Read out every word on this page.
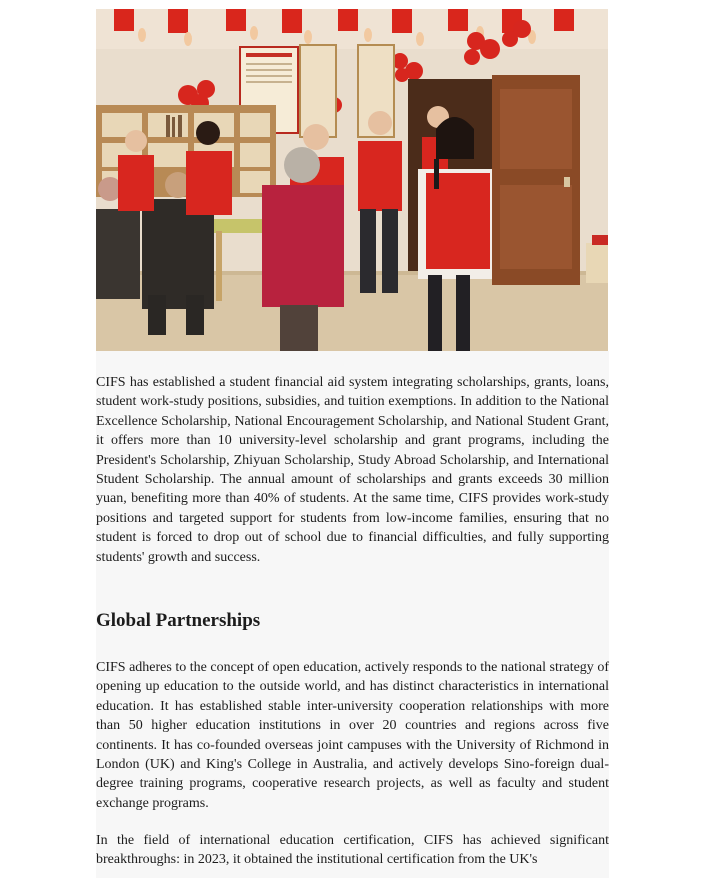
CIFS has established a student financial aid system integrating scholarships, grants, loans, student work-study positions, subsidies, and tuition exemptions. In addition to the National Excellence Scholarship, National Encouragement Scholarship, and National Student Grant, it offers more than 10 university-level scholarship and grant programs, including the President's Scholarship, Zhiyuan Scholarship, Study Abroad Scholarship, and International Student Scholarship. The annual amount of scholarships and grants exceeds 30 million yuan, benefiting more than 40% of students. At the same time, CIFS provides work-study positions and targeted support for students from low-income families, ensuring that no student is forced to drop out of school due to financial difficulties, and fully supporting students' growth and success.

Global Partnerships

CIFS adheres to the concept of open education, actively responds to the national strategy of opening up education to the outside world, and has distinct characteristics in international education. It has established stable inter-university cooperation relationships with more than 50 higher education institutions in over 20 countries and regions across five continents. It has co-founded overseas joint campuses with the University of Richmond in London (UK) and King's College in Australia, and actively develops Sino-foreign dual-degree training programs, cooperative research projects, as well as faculty and student exchange programs.

In the field of international education certification, CIFS has achieved significant breakthroughs: in 2023, it obtained the institutional certification from the UK's
